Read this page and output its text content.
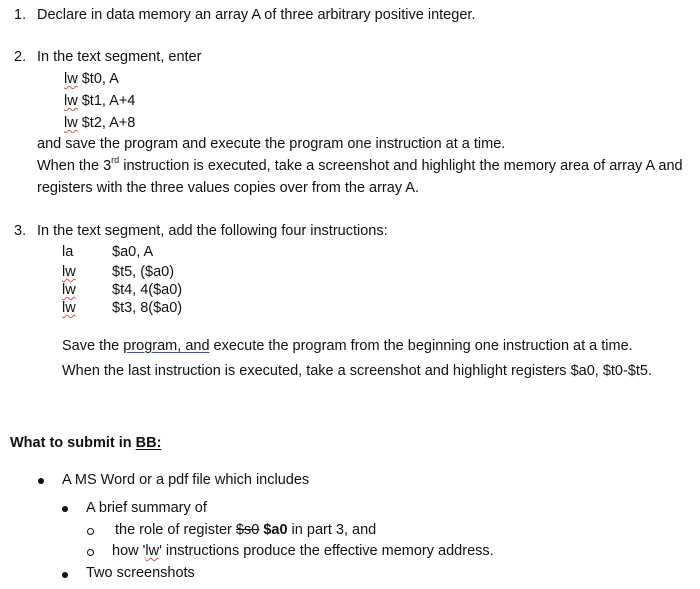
1. Declare in data memory an array A of three arbitrary positive integer.
2. In the text segment, enter
lw $t0, A
lw $t1, A+4
lw $t2, A+8
and save the program and execute the program one instruction at a time.
When the 3rd instruction is executed, take a screenshot and highlight the memory area of array A and
registers with the three values copies over from the array A.
3. In the text segment, add the following four instructions:
la	$a0, A
lw	$t5, ($a0)
lw	$t4, 4($a0)
lw	$t3, 8($a0)
Save the program, and execute the program from the beginning one instruction at a time.
When the last instruction is executed, take a screenshot and highlight registers $a0, $t0-$t5.
What to submit in BB:
A MS Word or a pdf file which includes
A brief summary of
the role of register $s0 $a0 in part 3, and
how 'lw' instructions produce the effective memory address.
Two screenshots
